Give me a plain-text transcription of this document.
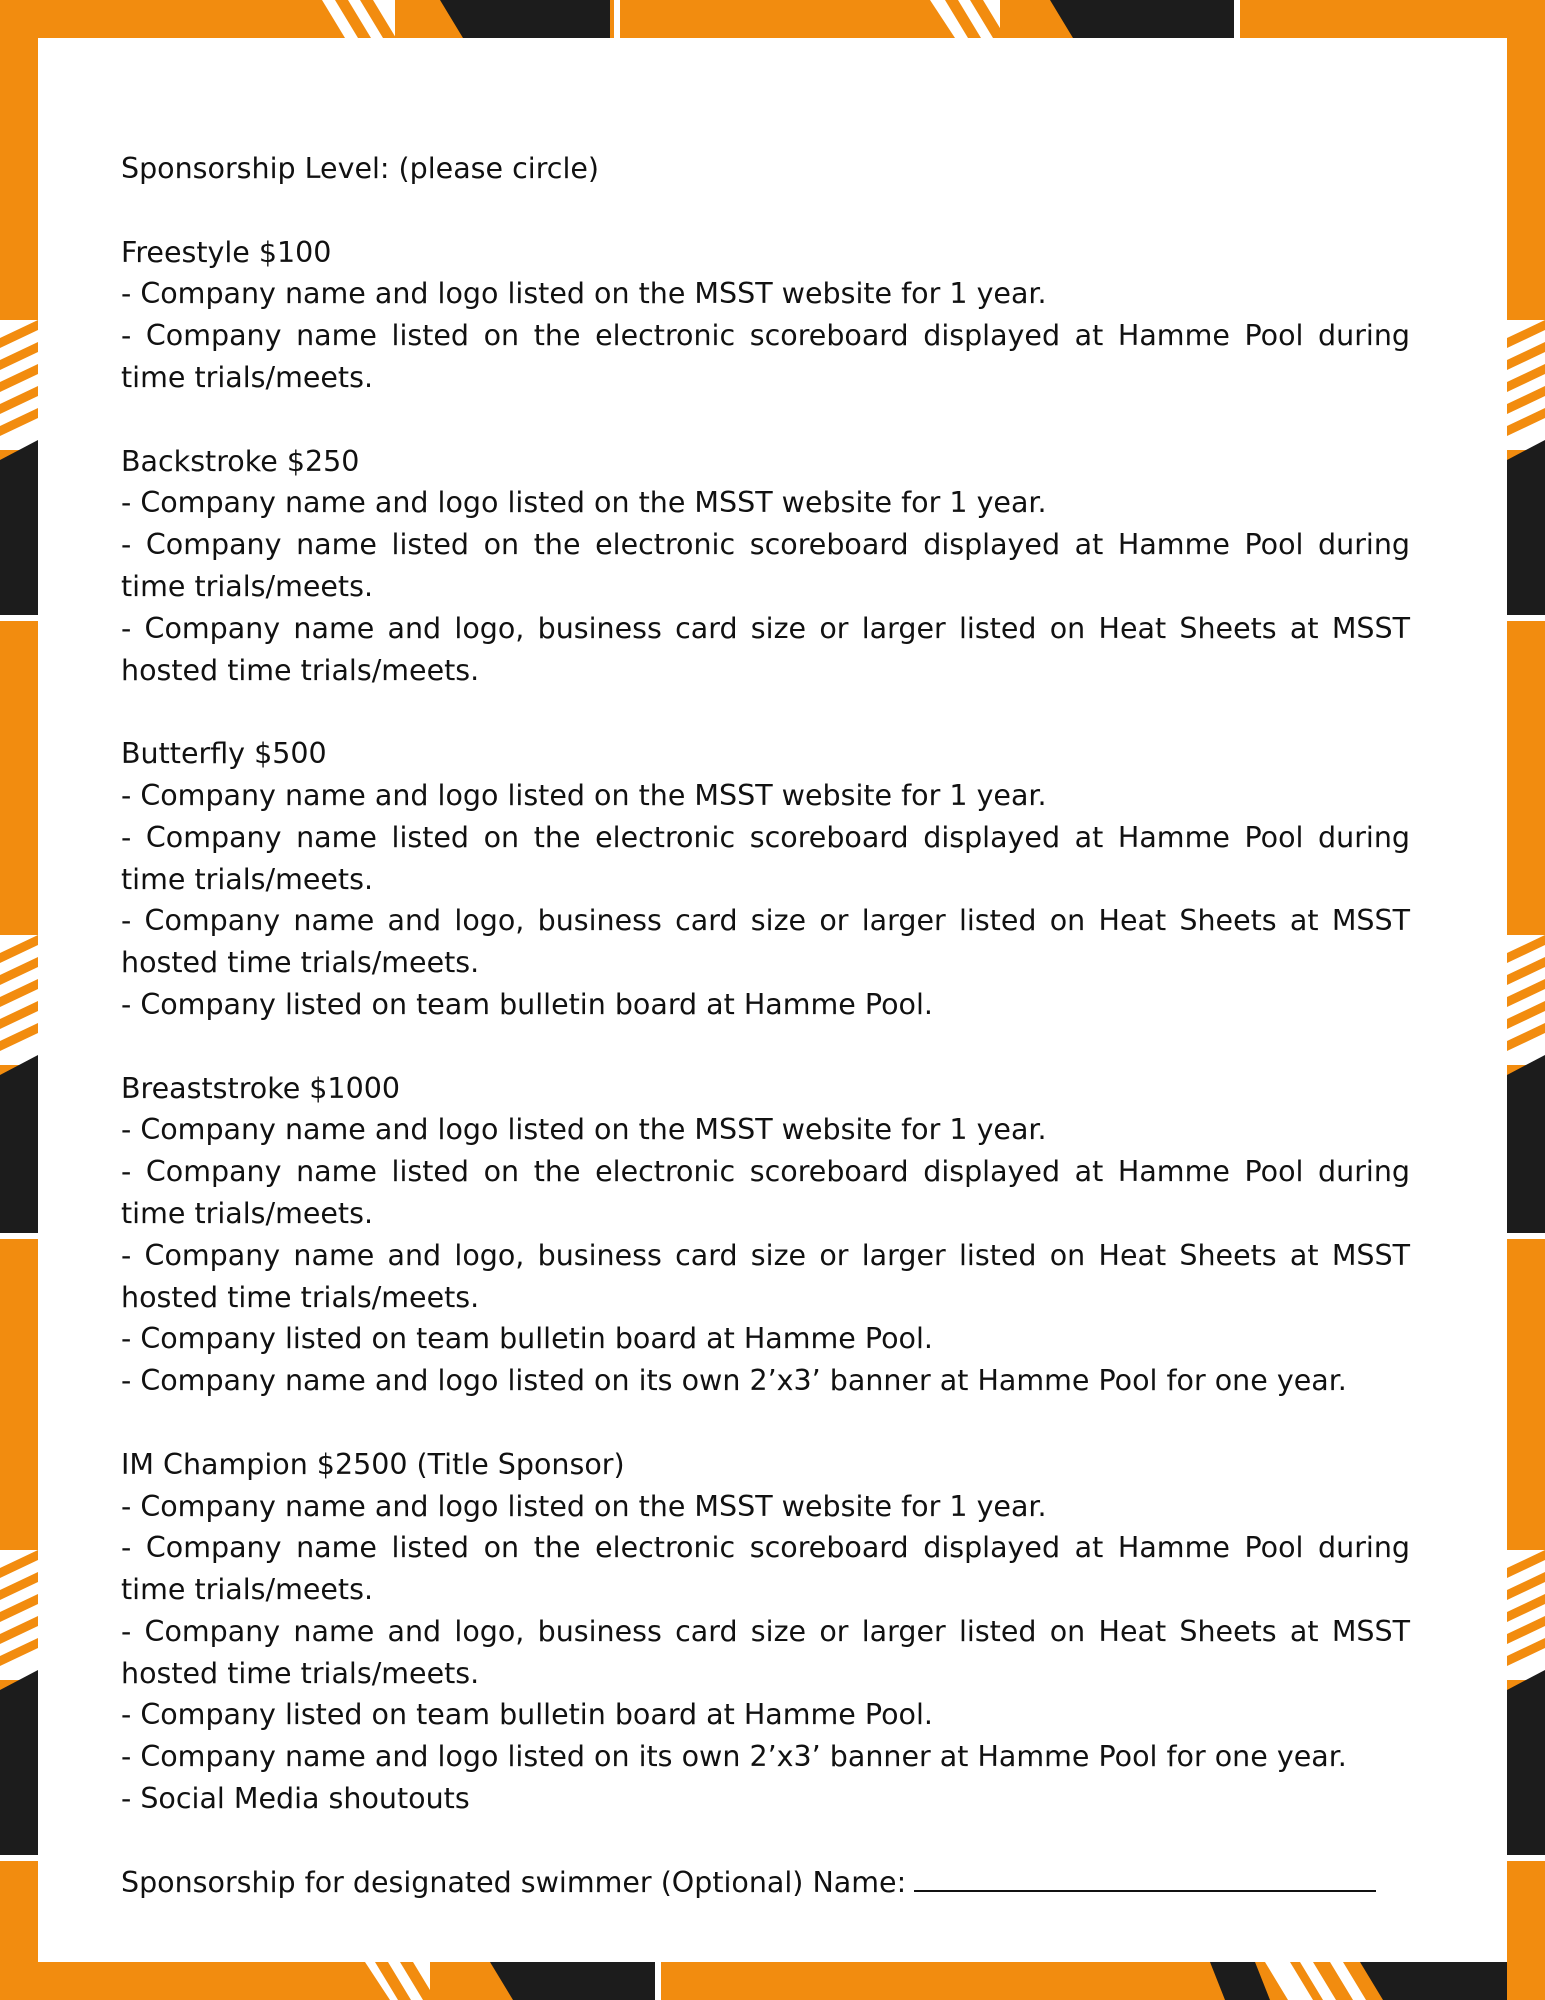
Sponsorship Level: (please circle)
Freestyle $100
- Company name and logo listed on the MSST website for 1 year.
- Company name listed on the electronic scoreboard displayed at Hamme Pool during time trials/meets.
Backstroke $250
- Company name and logo listed on the MSST website for 1 year.
- Company name listed on the electronic scoreboard displayed at Hamme Pool during time trials/meets.
- Company name and logo, business card size or larger listed on Heat Sheets at MSST hosted time trials/meets.
Butterfly $500
- Company name and logo listed on the MSST website for 1 year.
- Company name listed on the electronic scoreboard displayed at Hamme Pool during time trials/meets.
- Company name and logo, business card size or larger listed on Heat Sheets at MSST hosted time trials/meets.
- Company listed on team bulletin board at Hamme Pool.
Breaststroke $1000
- Company name and logo listed on the MSST website for 1 year.
- Company name listed on the electronic scoreboard displayed at Hamme Pool during time trials/meets.
- Company name and logo, business card size or larger listed on Heat Sheets at MSST hosted time trials/meets.
- Company listed on team bulletin board at Hamme Pool.
- Company name and logo listed on its own 2’x3’ banner at Hamme Pool for one year.
IM Champion $2500 (Title Sponsor)
- Company name and logo listed on the MSST website for 1 year.
- Company name listed on the electronic scoreboard displayed at Hamme Pool during time trials/meets.
- Company name and logo, business card size or larger listed on Heat Sheets at MSST hosted time trials/meets.
- Company listed on team bulletin board at Hamme Pool.
- Company name and logo listed on its own 2’x3’ banner at Hamme Pool for one year.
- Social Media shoutouts
Sponsorship for designated swimmer (Optional) Name:
